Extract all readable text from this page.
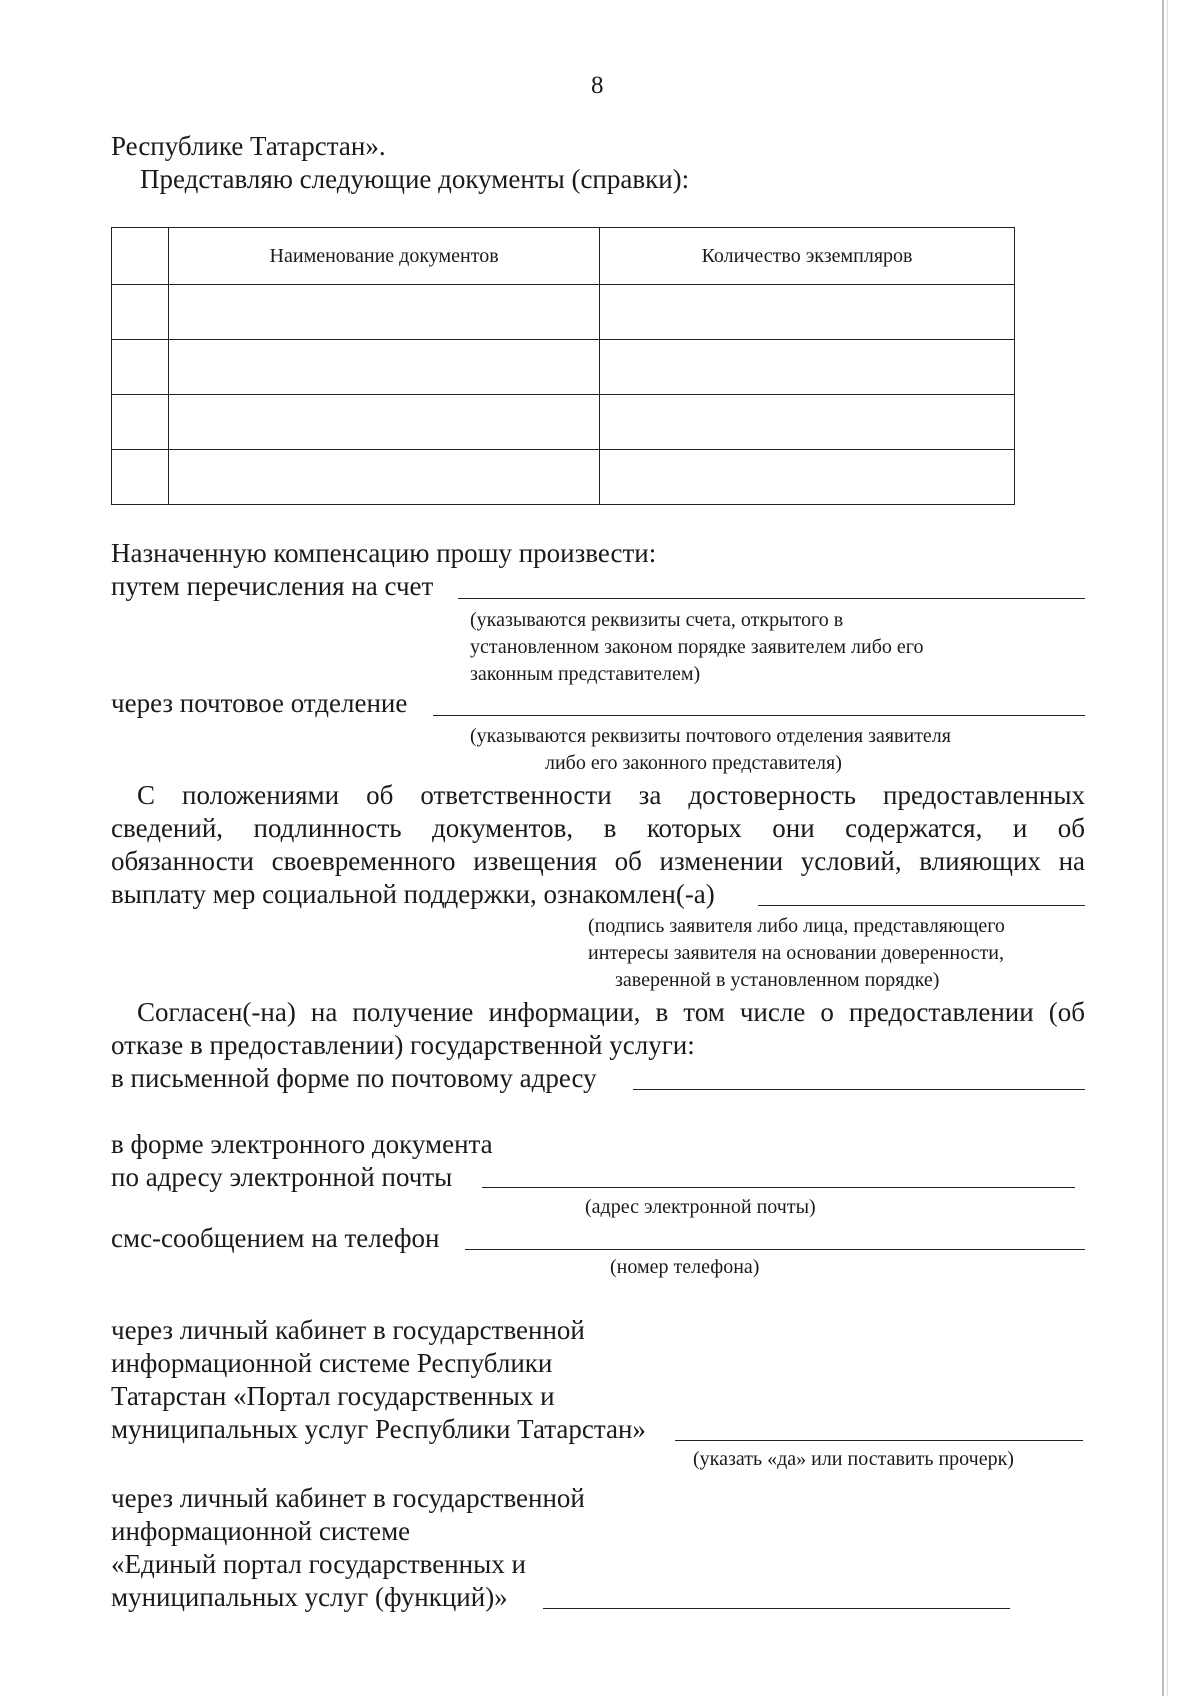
8
Республике Татарстан».
Представляю следующие документы (справки):
	Наименование документов	Количество экземпляров

Назначенную компенсацию прошу произвести:
путем перечисления на счет
(указываются реквизиты счета, открытого в
установленном законом порядке заявителем либо его
законным представителем)
через почтовое отделение
(указываются реквизиты почтового отделения заявителя
либо его законного представителя)
С положениями об ответственности за достоверность предоставленных
сведений, подлинность документов, в которых они содержатся, и об
обязанности своевременного извещения об изменении условий, влияющих на
выплату мер социальной поддержки, ознакомлен(-а)
(подпись заявителя либо лица, представляющего
интересы заявителя на основании доверенности,
заверенной в установленном порядке)
Согласен(-на) на получение информации, в том числе о предоставлении (об
отказе в предоставлении) государственной услуги:
в письменной форме по почтовому адресу
в форме электронного документа
по адресу электронной почты
(адрес электронной почты)
смс-сообщением на телефон
(номер телефона)
через личный кабинет в государственной
информационной системе Республики
Татарстан «Портал государственных и
муниципальных услуг Республики Татарстан»
(указать «да» или поставить прочерк)
через личный кабинет в государственной
информационной системе
«Единый портал государственных и
муниципальных услуг (функций)»
